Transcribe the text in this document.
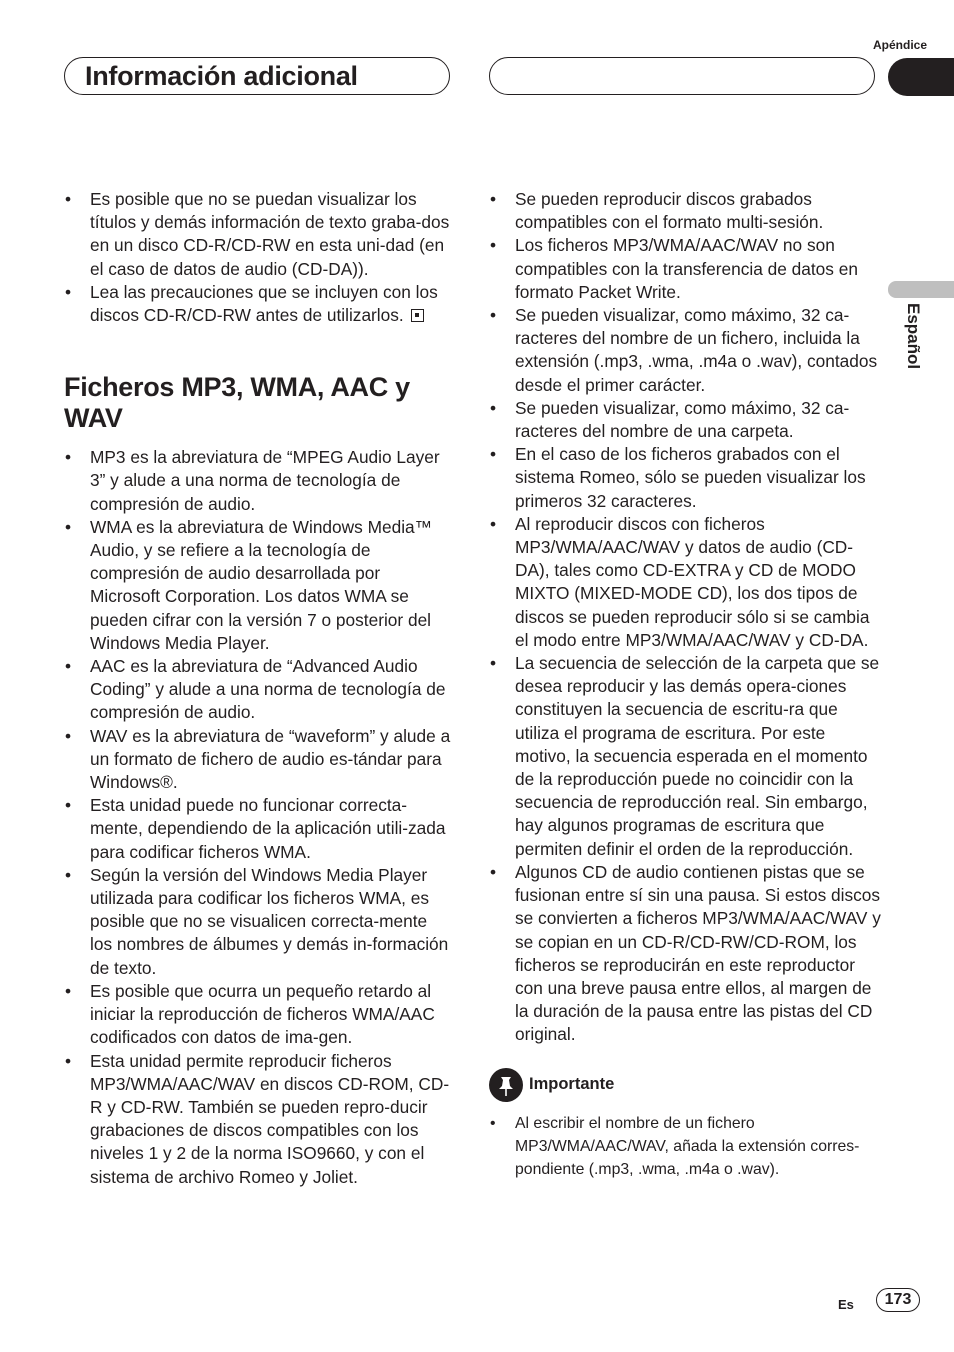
Apéndice
Información adicional
Español
• Es posible que no se puedan visualizar los títulos y demás información de texto graba-dos en un disco CD-R/CD-RW en esta uni-dad (en el caso de datos de audio (CD-DA)).
• Lea las precauciones que se incluyen con los discos CD-R/CD-RW antes de utilizarlos.
Ficheros MP3, WMA, AAC y WAV
• MP3 es la abreviatura de “MPEG Audio Layer 3” y alude a una norma de tecnología de compresión de audio.
• WMA es la abreviatura de Windows Media™ Audio, y se refiere a la tecnología de compresión de audio desarrollada por Microsoft Corporation. Los datos WMA se pueden cifrar con la versión 7 o posterior del Windows Media Player.
• AAC es la abreviatura de “Advanced Audio Coding” y alude a una norma de tecnología de compresión de audio.
• WAV es la abreviatura de “waveform” y alude a un formato de fichero de audio es-tándar para Windows®.
• Esta unidad puede no funcionar correcta-mente, dependiendo de la aplicación utili-zada para codificar ficheros WMA.
• Según la versión del Windows Media Player utilizada para codificar los ficheros WMA, es posible que no se visualicen correcta-mente los nombres de álbumes y demás in-formación de texto.
• Es posible que ocurra un pequeño retardo al iniciar la reproducción de ficheros WMA/AAC codificados con datos de ima-gen.
• Esta unidad permite reproducir ficheros MP3/WMA/AAC/WAV en discos CD-ROM, CD-R y CD-RW. También se pueden repro-ducir grabaciones de discos compatibles con los niveles 1 y 2 de la norma ISO9660, y con el sistema de archivo Romeo y Joliet.
• Se pueden reproducir discos grabados compatibles con el formato multi-sesión.
• Los ficheros MP3/WMA/AAC/WAV no son compatibles con la transferencia de datos en formato Packet Write.
• Se pueden visualizar, como máximo, 32 ca-racteres del nombre de un fichero, incluida la extensión (.mp3, .wma, .m4a o .wav), contados desde el primer carácter.
• Se pueden visualizar, como máximo, 32 ca-racteres del nombre de una carpeta.
• En el caso de los ficheros grabados con el sistema Romeo, sólo se pueden visualizar los primeros 32 caracteres.
• Al reproducir discos con ficheros MP3/WMA/AAC/WAV y datos de audio (CD-DA), tales como CD-EXTRA y CD de MODO MIXTO (MIXED-MODE CD), los dos tipos de discos se pueden reproducir sólo si se cambia el modo entre MP3/WMA/AAC/WAV y CD-DA.
• La secuencia de selección de la carpeta que se desea reproducir y las demás opera-ciones constituyen la secuencia de escritu-ra que utiliza el programa de escritura. Por este motivo, la secuencia esperada en el momento de la reproducción puede no coincidir con la secuencia de reproducción real. Sin embargo, hay algunos programas de escritura que permiten definir el orden de la reproducción.
• Algunos CD de audio contienen pistas que se fusionan entre sí sin una pausa. Si estos discos se convierten a ficheros MP3/WMA/AAC/WAV y se copian en un CD-R/CD-RW/CD-ROM, los ficheros se reproducirán en este reproductor con una breve pausa entre ellos, al margen de la duración de la pausa entre las pistas del CD original.
Importante
• Al escribir el nombre de un fichero MP3/WMA/AAC/WAV, añada la extensión corres-pondiente (.mp3, .wma, .m4a o .wav).
Es	173
